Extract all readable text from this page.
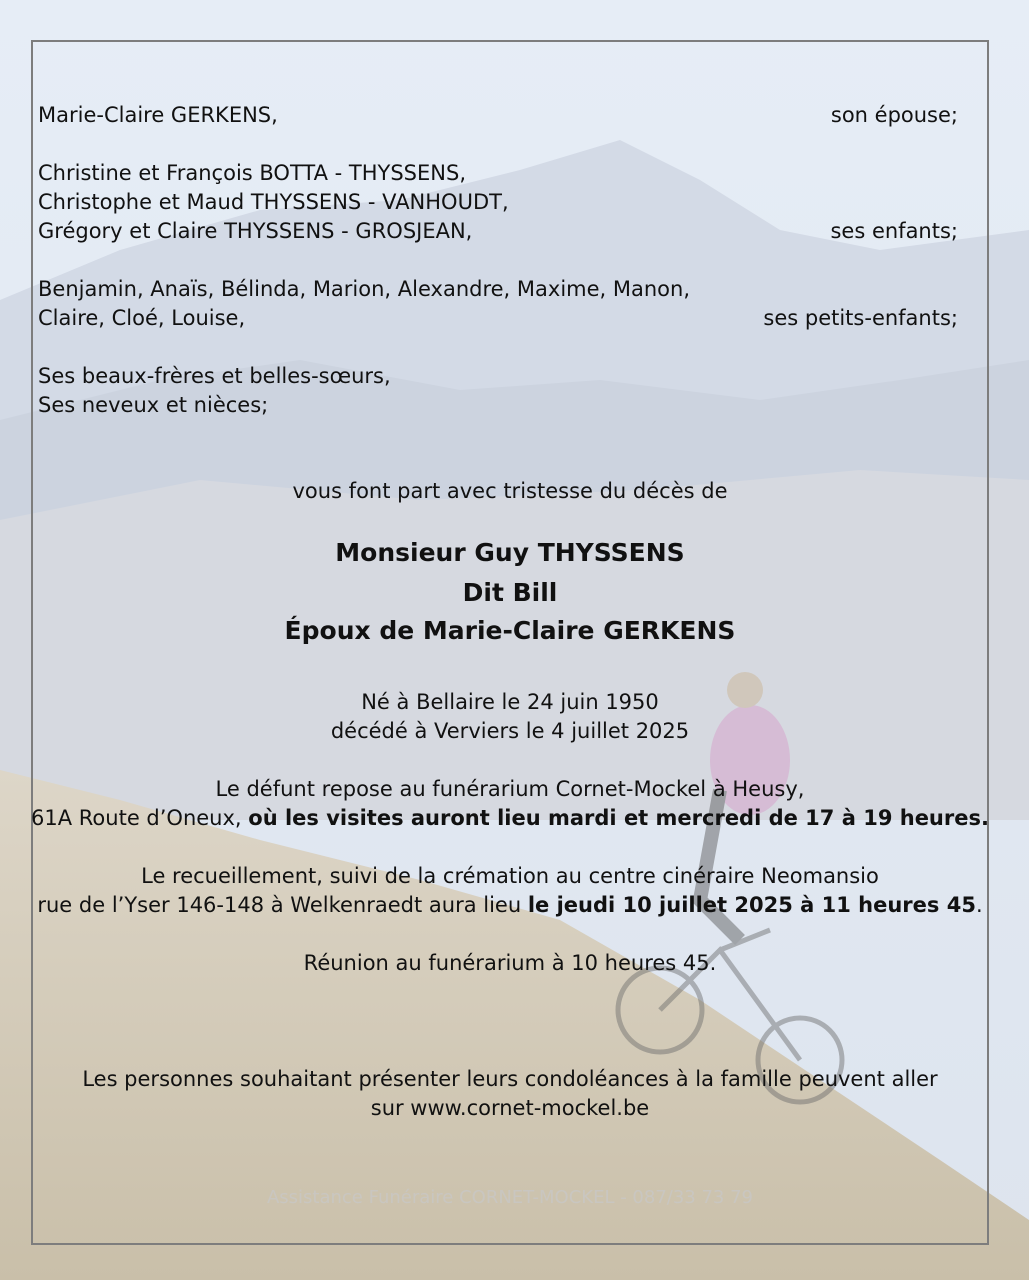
Marie-Claire GERKENS,	son épouse;
Christine et François BOTTA - THYSSENS,
Christophe et Maud THYSSENS - VANHOUDT,
Grégory et Claire THYSSENS - GROSJEAN,	ses enfants;
Benjamin, Anaïs, Bélinda, Marion, Alexandre, Maxime, Manon,
Claire, Cloé, Louise,	ses petits-enfants;
Ses beaux-frères et belles-sœurs,
Ses neveux et nièces;
vous font part avec tristesse du décès de
Monsieur Guy THYSSENS
Dit Bill
Époux de Marie-Claire GERKENS
Né à Bellaire le 24 juin 1950
décédé à Verviers le 4 juillet 2025
Le défunt repose au funérarium Cornet-Mockel à Heusy,
61A Route d’Oneux, où les visites auront lieu mardi et mercredi de 17 à 19 heures.
Le recueillement, suivi de la crémation au centre cinéraire Neomansio
rue de l’Yser 146-148 à Welkenraedt aura lieu le jeudi 10 juillet 2025 à 11 heures 45.
Réunion au funérarium à 10 heures 45.
Les personnes souhaitant présenter leurs condoléances à la famille peuvent aller
sur www.cornet-mockel.be
Assistance Funéraire CORNET-MOCKEL - 087/33 73 79
